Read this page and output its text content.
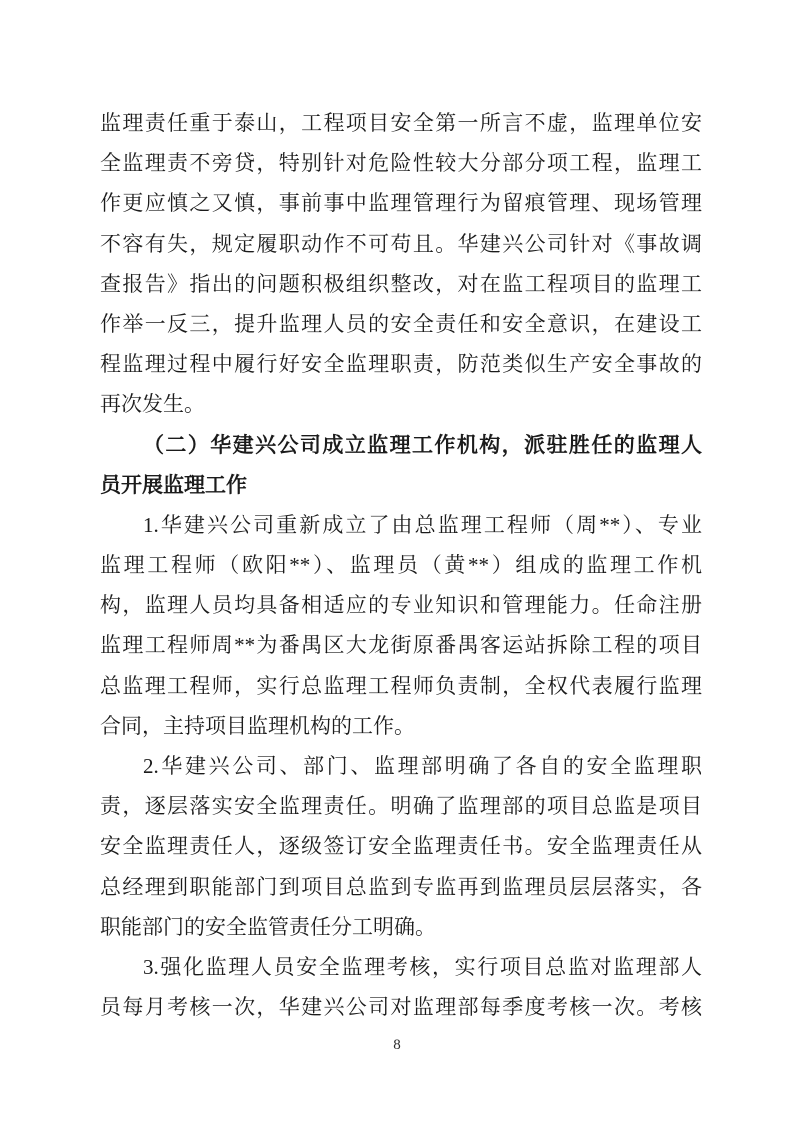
监理责任重于泰山，工程项目安全第一所言不虚，监理单位安
全监理责不旁贷，特别针对危险性较大分部分项工程，监理工
作更应慎之又慎，事前事中监理管理行为留痕管理、现场管理
不容有失，规定履职动作不可苟且。华建兴公司针对《事故调
查报告》指出的问题积极组织整改，对在监工程项目的监理工
作举一反三，提升监理人员的安全责任和安全意识，在建设工
程监理过程中履行好安全监理职责，防范类似生产安全事故的
再次发生。
（二）华建兴公司成立监理工作机构，派驻胜任的监理人
员开展监理工作
1.华建兴公司重新成立了由总监理工程师（周**）、专业
监理工程师（欧阳**）、监理员（黄**）组成的监理工作机
构，监理人员均具备相适应的专业知识和管理能力。任命注册
监理工程师周**为番禺区大龙街原番禺客运站拆除工程的项目
总监理工程师，实行总监理工程师负责制，全权代表履行监理
合同，主持项目监理机构的工作。
2.华建兴公司、部门、监理部明确了各自的安全监理职
责，逐层落实安全监理责任。明确了监理部的项目总监是项目
安全监理责任人，逐级签订安全监理责任书。安全监理责任从
总经理到职能部门到项目总监到专监再到监理员层层落实，各
职能部门的安全监管责任分工明确。
3.强化监理人员安全监理考核，实行项目总监对监理部人
员每月考核一次，华建兴公司对监理部每季度考核一次。考核
8
